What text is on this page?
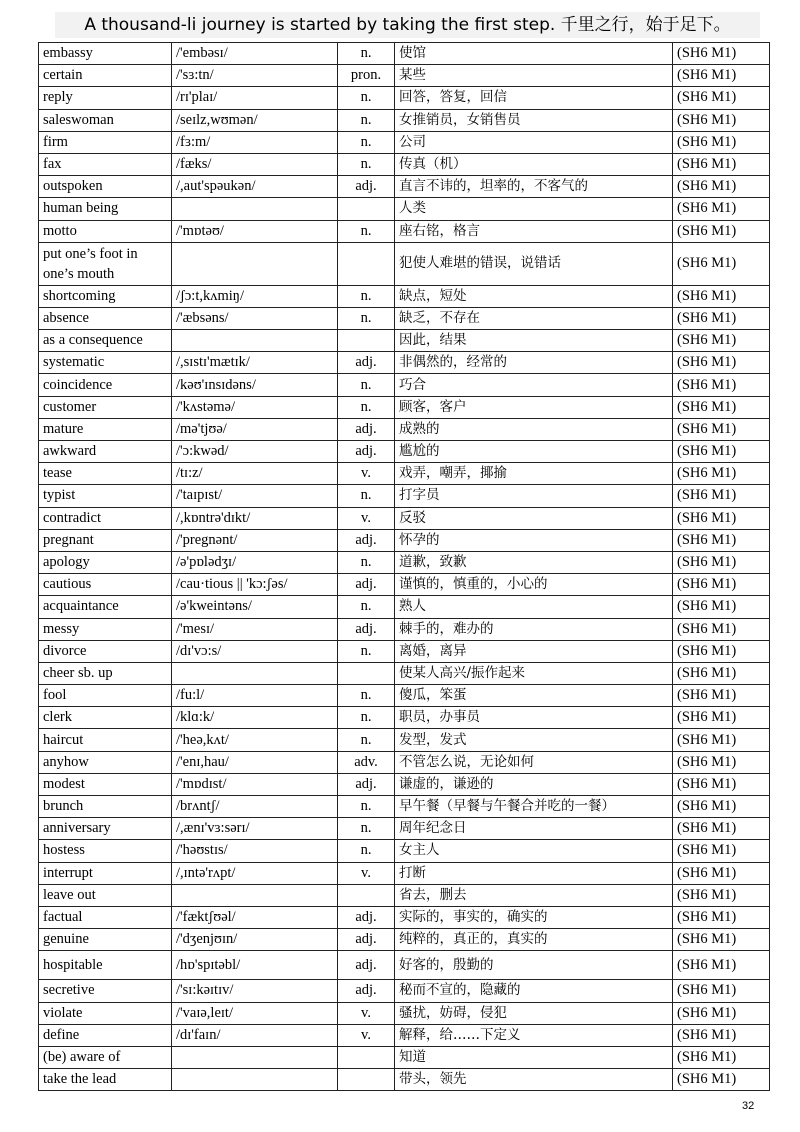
A thousand-li journey is started by taking the first step. 千里之行，始于足下。
embassy	/'embəsɪ/	n.	使馆	(SH6 M1)
certain	/'sɜ:tn/	pron.	某些	(SH6 M1)
reply	/rɪ'plaɪ/	n.	回答，答复，回信	(SH6 M1)
saleswoman	/seɪlz,wʊmən/	n.	女推销员，女销售员	(SH6 M1)
firm	/fɜ:m/	n.	公司	(SH6 M1)
fax	/fæks/	n.	传真（机）	(SH6 M1)
outspoken	/,aut'spəukən/	adj.	直言不讳的，坦率的，不客气的	(SH6 M1)
human being			人类	(SH6 M1)
motto	/'mɒtəʊ/	n.	座右铭，格言	(SH6 M1)
put one’s foot in one’s mouth			犯使人难堪的错误，说错话	(SH6 M1)
shortcoming	/ʃɔ:t,kʌmiŋ/	n.	缺点，短处	(SH6 M1)
absence	/'æbsəns/	n.	缺乏，不存在	(SH6 M1)
as a consequence			因此，结果	(SH6 M1)
systematic	/,sɪstɪ'mætɪk/	adj.	非偶然的，经常的	(SH6 M1)
coincidence	/kəʊ'ɪnsɪdəns/	n.	巧合	(SH6 M1)
customer	/'kʌstəmə/	n.	顾客，客户	(SH6 M1)
mature	/mə'tjʊə/	adj.	成熟的	(SH6 M1)
awkward	/'ɔ:kwəd/	adj.	尴尬的	(SH6 M1)
tease	/tɪ:z/	v.	戏弄，嘲弄，揶揄	(SH6 M1)
typist	/'taɪpɪst/	n.	打字员	(SH6 M1)
contradict	/,kɒntrə'dɪkt/	v.	反驳	(SH6 M1)
pregnant	/'pregnənt/	adj.	怀孕的	(SH6 M1)
apology	/ə'pɒlədʒɪ/	n.	道歉，致歉	(SH6 M1)
cautious	/cau·tious || 'kɔ:ʃəs/	adj.	谨慎的，慎重的，小心的	(SH6 M1)
acquaintance	/ə'kweintəns/	n.	熟人	(SH6 M1)
messy	/'mesɪ/	adj.	棘手的，难办的	(SH6 M1)
divorce	/dɪ'vɔ:s/	n.	离婚，离异	(SH6 M1)
cheer sb. up			使某人高兴/振作起来	(SH6 M1)
fool	/fu:l/	n.	傻瓜，笨蛋	(SH6 M1)
clerk	/klɑ:k/	n.	职员，办事员	(SH6 M1)
haircut	/'heə,kʌt/	n.	发型，发式	(SH6 M1)
anyhow	/'enɪ,hau/	adv.	不管怎么说，无论如何	(SH6 M1)
modest	/'mɒdɪst/	adj.	谦虚的，谦逊的	(SH6 M1)
brunch	/brʌntʃ/	n.	早午餐（早餐与午餐合并吃的一餐）	(SH6 M1)
anniversary	/,ænɪ'vɜ:sərɪ/	n.	周年纪念日	(SH6 M1)
hostess	/'həʊstɪs/	n.	女主人	(SH6 M1)
interrupt	/,ɪntə'rʌpt/	v.	打断	(SH6 M1)
leave out			省去，删去	(SH6 M1)
factual	/'fæktʃʊəl/	adj.	实际的，事实的，确实的	(SH6 M1)
genuine	/'dʒenjʊɪn/	adj.	纯粹的，真正的，真实的	(SH6 M1)
hospitable	/hɒ'spɪtəbl/	adj.	好客的，殷勤的	(SH6 M1)
secretive	/'sɪ:kəɪtɪv/	adj.	秘而不宣的，隐藏的	(SH6 M1)
violate	/'vaɪə,leɪt/	v.	骚扰，妨碍，侵犯	(SH6 M1)
define	/dɪ'faɪn/	v.	解释，给……下定义	(SH6 M1)
(be) aware of			知道	(SH6 M1)
take the lead			带头，领先	(SH6 M1)
32
